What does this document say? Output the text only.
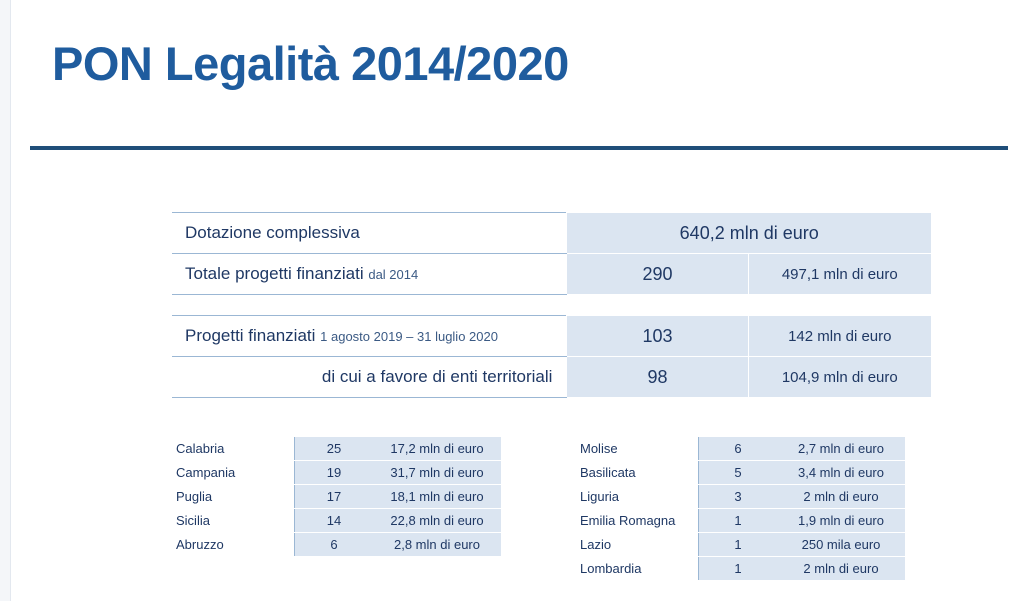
PON Legalità 2014/2020
Dotazione complessiva	640,2 mln di euro	
Totale progetti finanziati dal 2014	290	497,1 mln di euro

Progetti finanziati 1 agosto 2019 – 31 luglio 2020	103	142 mln di euro
di cui a favore di enti territoriali	98	104,9 mln di euro
Calabria	25	17,2 mln di euro
Campania	19	31,7 mln di euro
Puglia	17	18,1 mln di euro
Sicilia	14	22,8 mln di euro
Abruzzo	6	2,8 mln di euro
Molise	6	2,7 mln di euro
Basilicata	5	3,4 mln di euro
Liguria	3	2 mln di euro
Emilia Romagna	1	1,9 mln di euro
Lazio	1	250 mila euro
Lombardia	1	2 mln di euro
